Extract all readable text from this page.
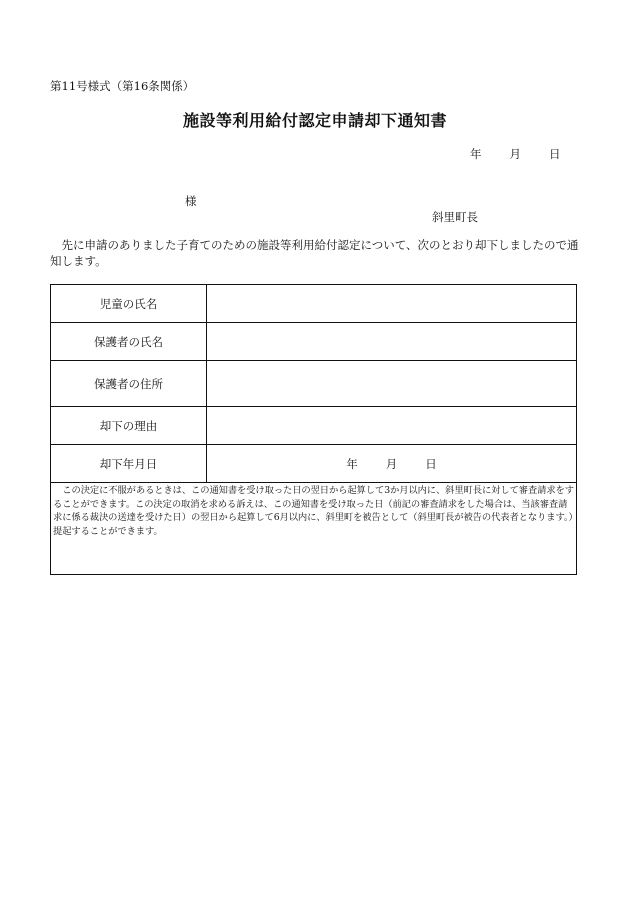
第11号様式（第16条関係）
施設等利用給付認定申請却下通知書
年 月 日
様
斜里町長
先に申請のありました子育てのための施設等利用給付認定について、次のとおり却下しましたので通知します。
児童の氏名
保護者の氏名
保護者の住所
却下の理由
却下年月日	年 月 日
この決定に不服があるときは、この通知書を受け取った日の翌日から起算して3か月以内に、斜里町長に対して審査請求をすることができます。この決定の取消を求める訴えは、この通知書を受け取った日（前記の審査請求をした場合は、当該審査請求に係る裁決の送達を受けた日）の翌日から起算して6月以内に、斜里町を被告として（斜里町長が被告の代表者となります。）提起することができます。
